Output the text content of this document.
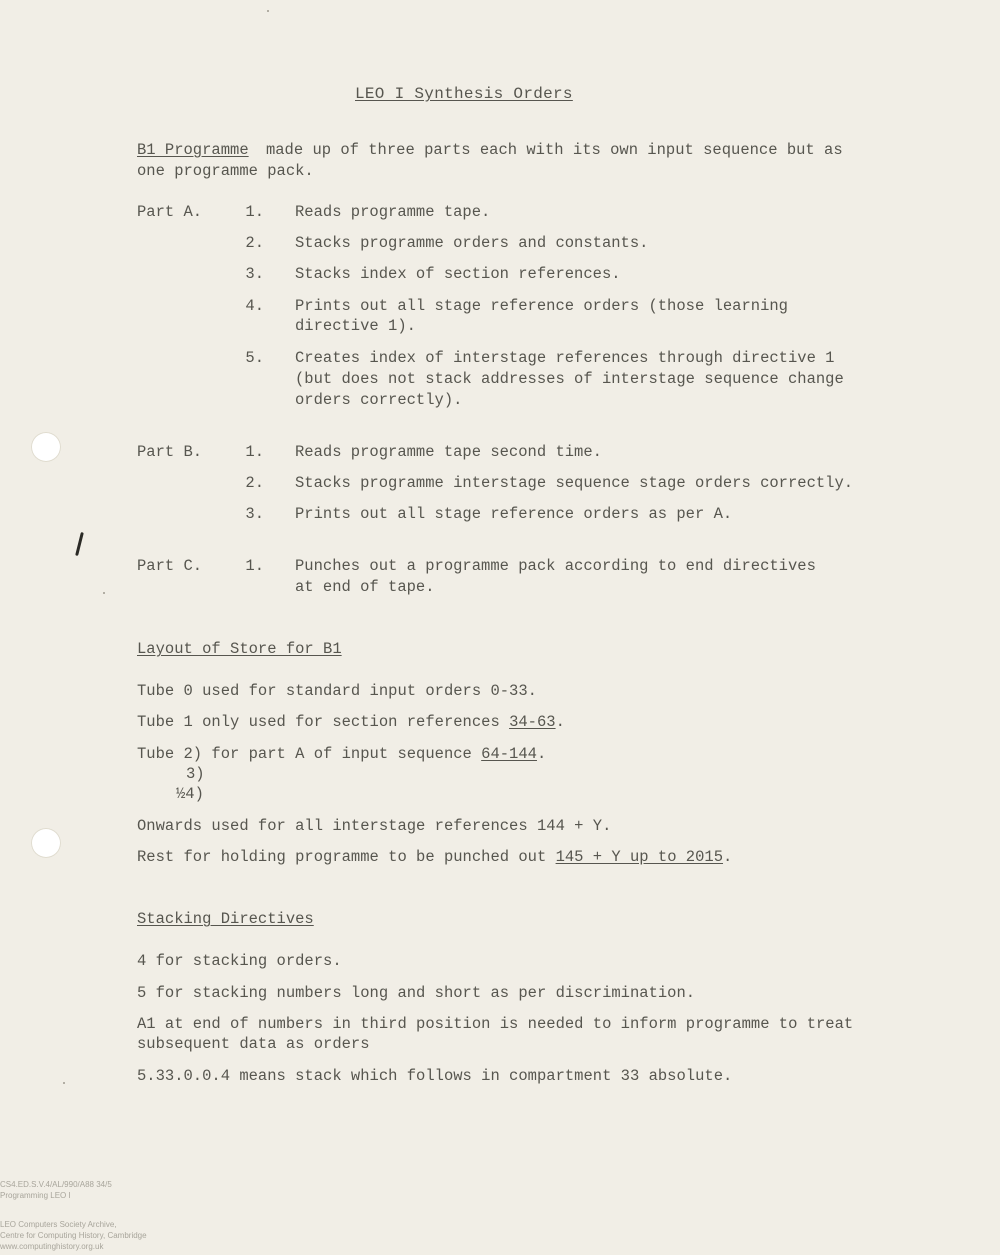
LEO I Synthesis Orders
B1 Programme made up of three parts each with its own input sequence but as
one programme pack.
Part A.	1. Reads programme tape.
2. Stacks programme orders and constants.
3. Stacks index of section references.
4. Prints out all stage reference orders (those learning
directive 1).
5. Creates index of interstage references through directive 1
(but does not stack addresses of interstage sequence change
orders correctly).
Part B.	1. Reads programme tape second time.
2. Stacks programme interstage sequence stage orders correctly.
3. Prints out all stage reference orders as per A.
Part C.	1. Punches out a programme pack according to end directives
at end of tape.
Layout of Store for B1
Tube 0 used for standard input orders 0-33.
Tube 1 only used for section references 34-63.
Tube 2) for part A of input sequence 64-144.
3)
½4)
Onwards used for all interstage references 144 + Y.
Rest for holding programme to be punched out 145 + Y up to 2015.
Stacking Directives
4 for stacking orders.
5 for stacking numbers long and short as per discrimination.
A1 at end of numbers in third position is needed to inform programme to treat
subsequent data as orders
5.33.0.0.4 means stack which follows in compartment 33 absolute.
CS4.ED.S.V.4/AL/990/A88 34/5
Programming LEO I
LEO Computers Society Archive,
Centre for Computing History, Cambridge
www.computinghistory.org.uk
